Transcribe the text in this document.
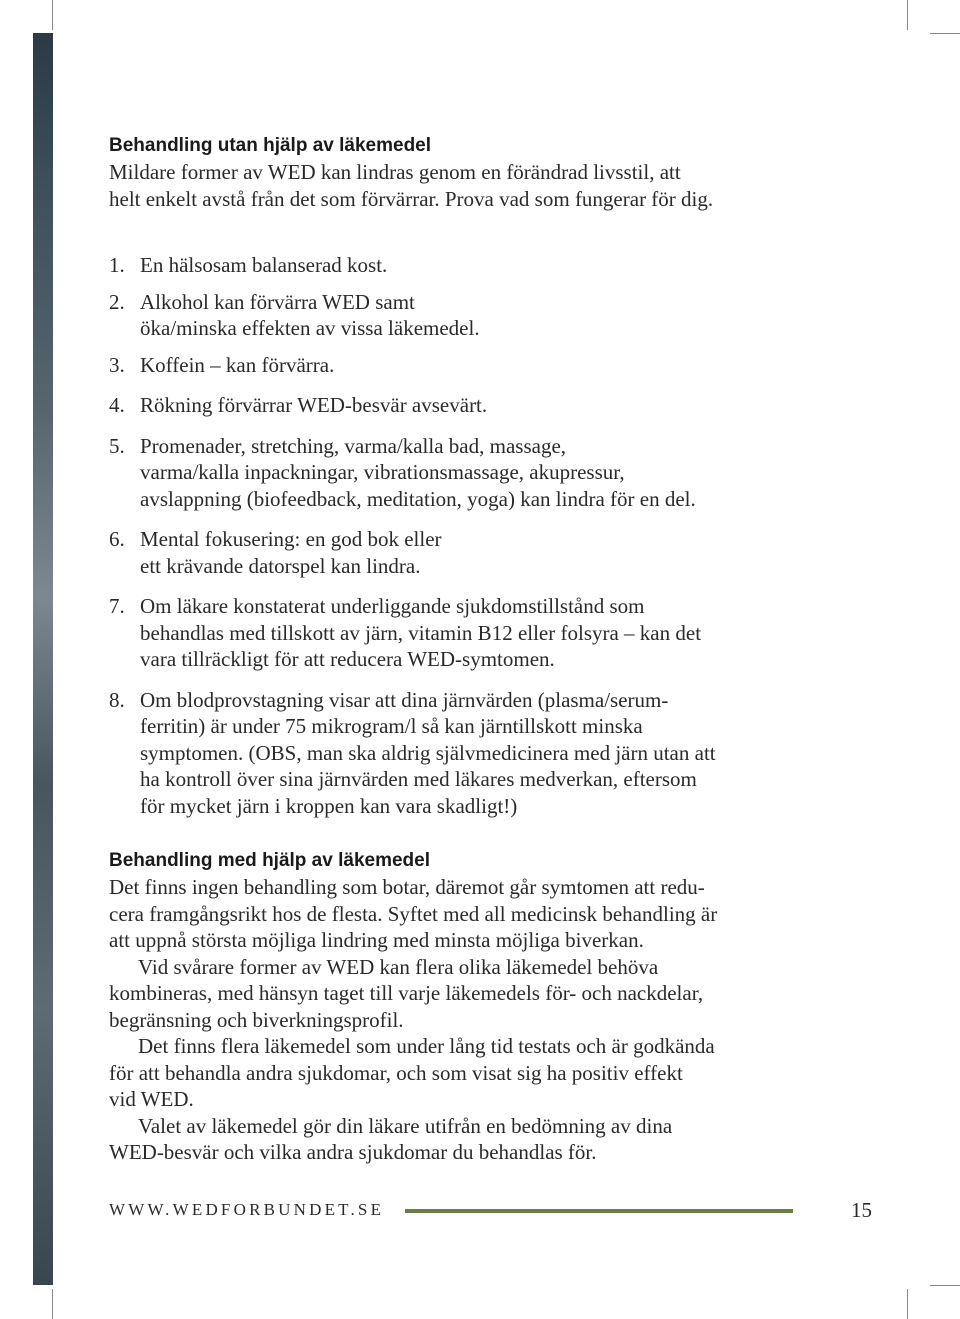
Behandling utan hjälp av läkemedel
Mildare former av WED kan lindras genom en förändrad livsstil, att
helt enkelt avstå från det som förvärrar. Prova vad som fungerar för dig.
1. En hälsosam balanserad kost.
2. Alkohol kan förvärra WED samt
öka/minska effekten av vissa läkemedel.
3. Koffein – kan förvärra.
4. Rökning förvärrar WED-besvär avsevärt.
5. Promenader, stretching, varma/kalla bad, massage,
varma/kalla inpackningar, vibrationsmassage, akupressur,
avslappning (biofeedback, meditation, yoga) kan lindra för en del.
6. Mental fokusering: en god bok eller
ett krävande datorspel kan lindra.
7. Om läkare konstaterat underliggande sjukdomstillstånd som
behandlas med tillskott av järn, vitamin B12 eller folsyra – kan det
vara tillräckligt för att reducera WED-symtomen.
8. Om blodprovstagning visar att dina järnvärden (plasma/serum-
ferritin) är under 75 mikrogram/l så kan järntillskott minska
symptomen. (OBS, man ska aldrig självmedicinera med järn utan att
ha kontroll över sina järnvärden med läkares medverkan, eftersom
för mycket järn i kroppen kan vara skadligt!)
Behandling med hjälp av läkemedel
Det finns ingen behandling som botar, däremot går symtomen att redu-
cera framgångsrikt hos de flesta. Syftet med all medicinsk behandling är
att uppnå största möjliga lindring med minsta möjliga biverkan.
Vid svårare former av WED kan flera olika läkemedel behöva
kombineras, med hänsyn taget till varje läkemedels för- och nackdelar,
begränsning och biverkningsprofil.
Det finns flera läkemedel som under lång tid testats och är godkända
för att behandla andra sjukdomar, och som visat sig ha positiv effekt
vid WED.
Valet av läkemedel gör din läkare utifrån en bedömning av dina
WED-besvär och vilka andra sjukdomar du behandlas för.
WWW.WEDFORBUNDET.SE	15
